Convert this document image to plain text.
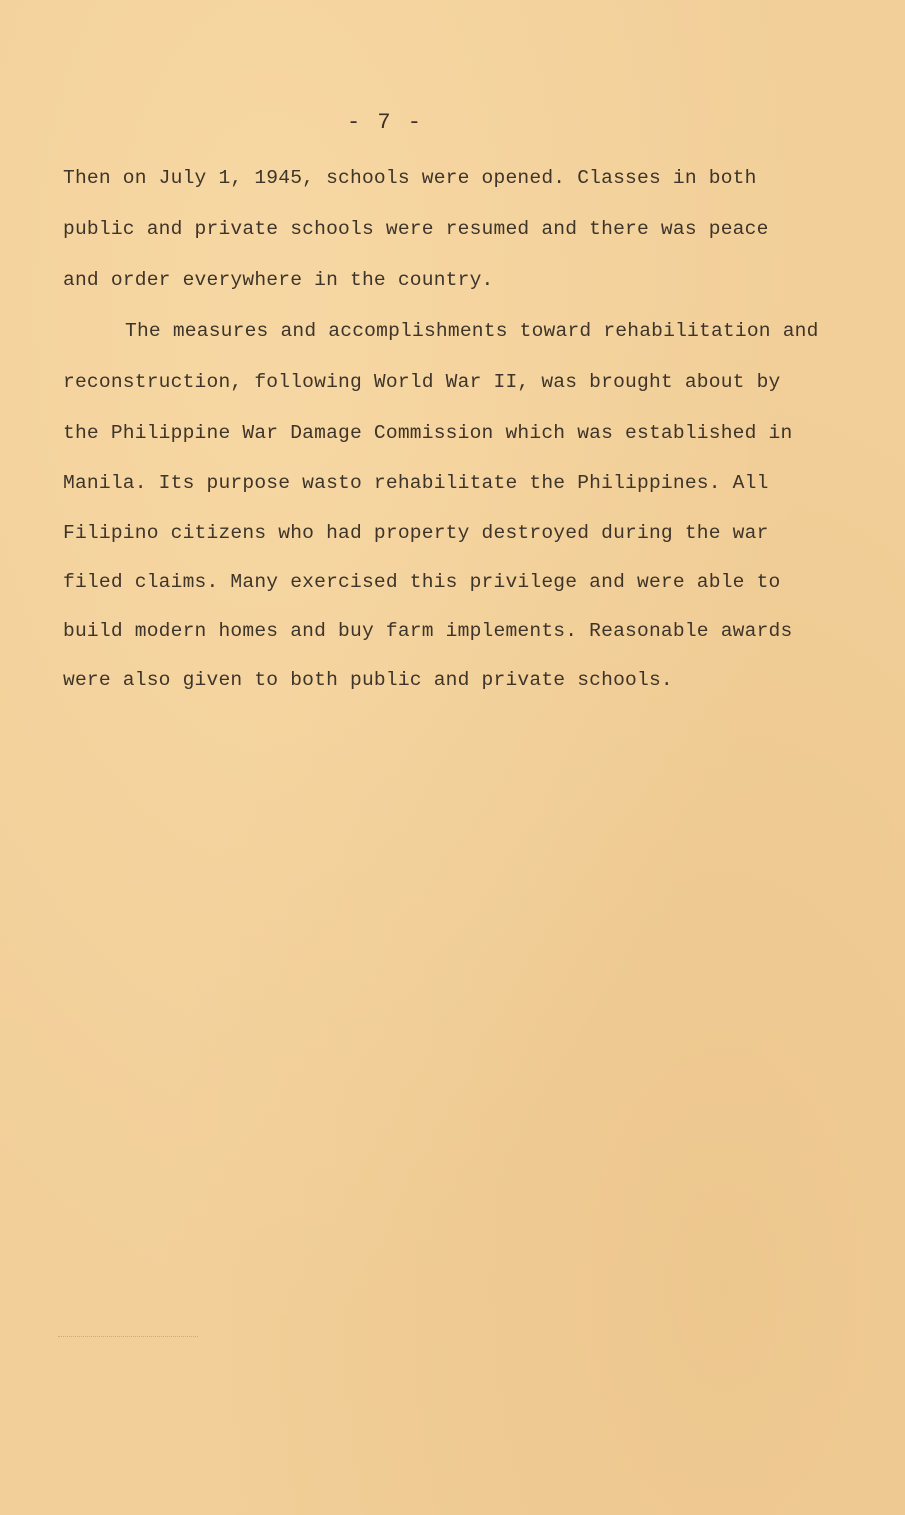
- 7 -
Then on July 1, 1945, schools were opened. Classes in both
public and private schools were resumed and there was peace
and order everywhere in the country.
The measures and accomplishments toward rehabilitation and
reconstruction, following World War II, was brought about by
the Philippine War Damage Commission which was established in
Manila. Its purpose wasto rehabilitate the Philippines. All
Filipino citizens who had property destroyed during the war
filed claims. Many exercised this privilege and were able to
build modern homes and buy farm implements. Reasonable awards
were also given to both public and private schools.
